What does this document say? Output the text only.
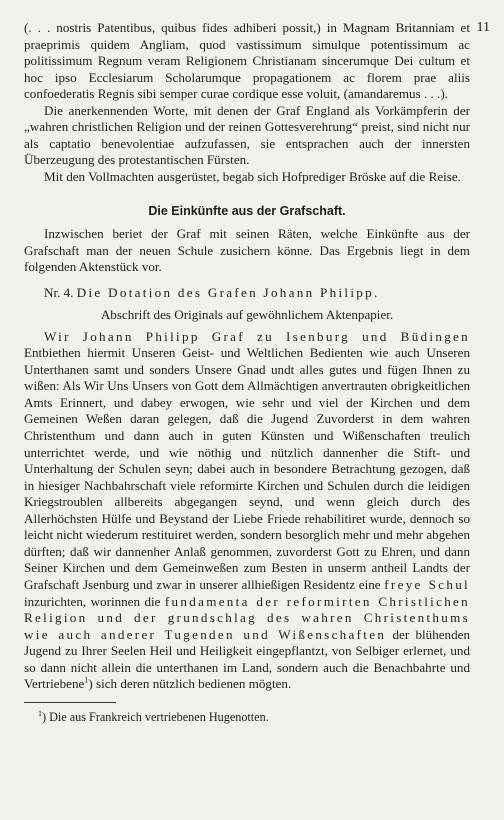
11

(. . . nostris Patentibus, quibus fides adhiberi possit,) in Magnam Britanniam et praeprimis quidem Angliam, quod vastissimum simulque potentissimum ac politissimum Regnum veram Religionem Christianam sincerumque Dei cultum et hoc ipso Ecclesiarum Scholarumque propagationem ac florem prae aliis confoederatis Regnis sibi semper curae cordique esse voluit, (amandaremus . . .).

Die anerkennenden Worte, mit denen der Graf England als Vorkämpferin der „wahren christlichen Religion und der reinen Gottesverehrung“ preist, sind nicht nur als captatio benevolentiae aufzufassen, sie entsprachen auch der innersten Überzeugung des protestantischen Fürsten.

Mit den Vollmachten ausgerüstet, begab sich Hofprediger Bröske auf die Reise.

Die Einkünfte aus der Grafschaft.

Inzwischen beriet der Graf mit seinen Räten, welche Einkünfte aus der Grafschaft man der neuen Schule zusichern könne. Das Ergebnis liegt in dem folgenden Aktenstück vor.

Nr. 4. Die Dotation des Grafen Johann Philipp.

Abschrift des Originals auf gewöhnlichem Aktenpapier.

Wir Johann Philipp Graf zu Isenburg und Büdingen Entbiethen hiermit Unseren Geist- und Weltlichen Bedienten wie auch Unseren Unterthanen samt und sonders Unsere Gnad undt alles gutes und fügen Ihnen zu wißen: Als Wir Uns Unsers von Gott dem Allmächtigen anvertrauten obrigkeitlichen Amts Erinnert, und dabey erwogen, wie sehr und viel der Kirchen und dem Gemeinen Weßen daran gelegen, daß die Jugend Zuvorderst in dem wahren Christenthum und dann auch in guten Künsten und Wißenschaften treulich unterrichtet werde, und wie nöthig und nützlich dannenher die Stift- und Unterhaltung der Schulen seyn; dabei auch in besondere Betrachtung gezogen, daß in hiesiger Nachbahrschaft viele reformirte Kirchen und Schulen durch die leidigen Kriegstroublen allbereits abgegangen seynd, und wenn gleich durch des Allerhöchsten Hülfe und Beystand der Liebe Friede rehabilitiret wurde, dennoch so leicht nicht wiederum restituiret werden, sondern besorglich mehr und mehr abgehen dürften; daß wir dannenher Anlaß genommen, zuvorderst Gott zu Ehren, und dann Seiner Kirchen und dem Gemeinweßen zum Besten in unserm antheil Landts der Grafschaft Jsenburg und zwar in unserer allhießigen Residentz eine freye Schul inzurichten, worinnen die fundamenta der reformirten Christlichen Religion und der grundschlag des wahren Christenthums wie auch anderer Tugenden und Wißenschaften der blühenden Jugend zu Ihrer Seelen Heil und Heiligkeit eingepflantzt, von Selbiger erlernet, und so dann nicht allein die unterthanen im Land, sondern auch die Benachbahrte und Vertriebene$^1$) sich deren nützlich bedienen mögten.

$^1$) Die aus Frankreich vertriebenen Hugenotten.
